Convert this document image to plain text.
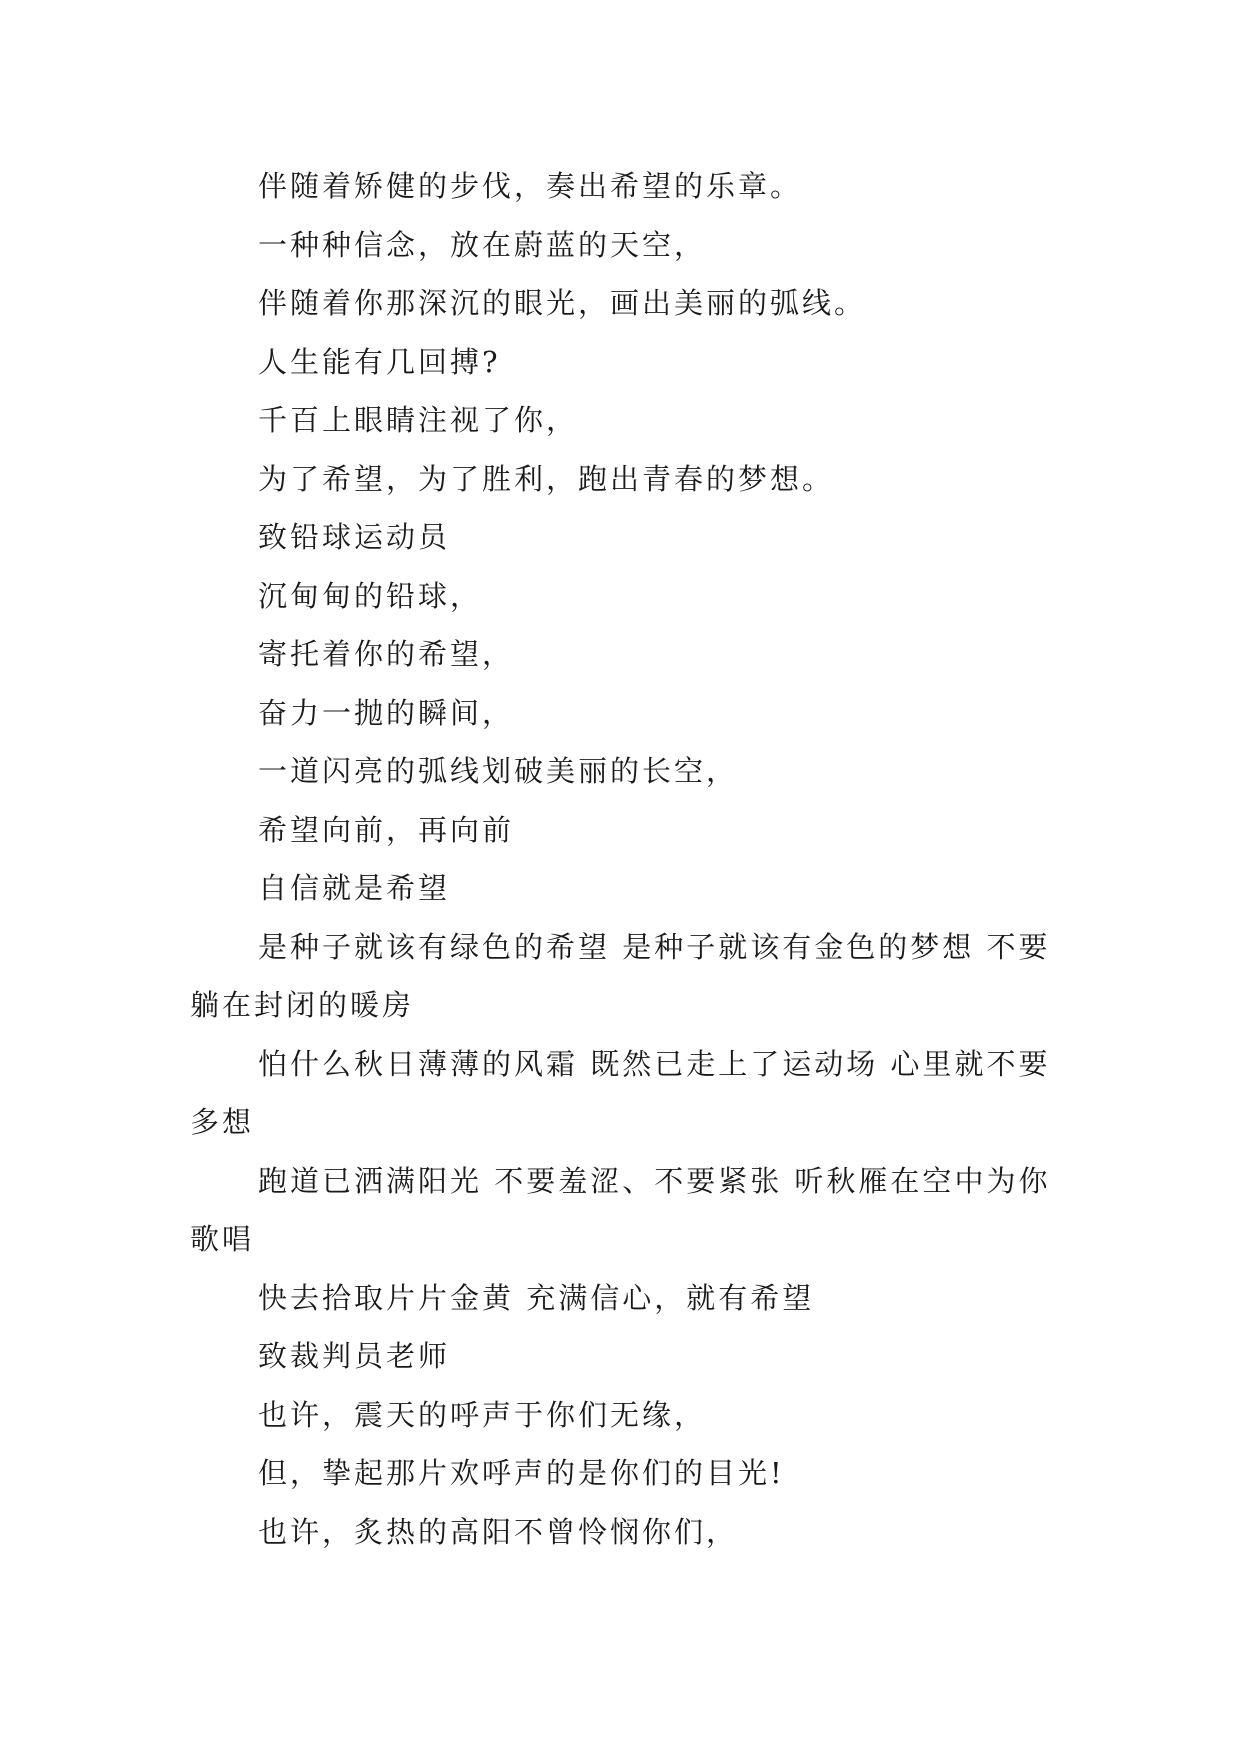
伴随着矫健的步伐，奏出希望的乐章。

一种种信念，放在蔚蓝的天空，

伴随着你那深沉的眼光，画出美丽的弧线。

人生能有几回搏?

千百上眼睛注视了你，

为了希望，为了胜利，跑出青春的梦想。

致铅球运动员

沉甸甸的铅球，

寄托着你的希望，

奋力一抛的瞬间，

一道闪亮的弧线划破美丽的长空，

希望向前，再向前

自信就是希望

是种子就该有绿色的希望 是种子就该有金色的梦想 不要躺在封闭的暖房

怕什么秋日薄薄的风霜 既然已走上了运动场 心里就不要多想

跑道已洒满阳光 不要羞涩、不要紧张 听秋雁在空中为你歌唱

快去拾取片片金黄 充满信心，就有希望

致裁判员老师

也许，震天的呼声于你们无缘，

但，挚起那片欢呼声的是你们的目光!

也许，炙热的高阳不曾怜悯你们，
